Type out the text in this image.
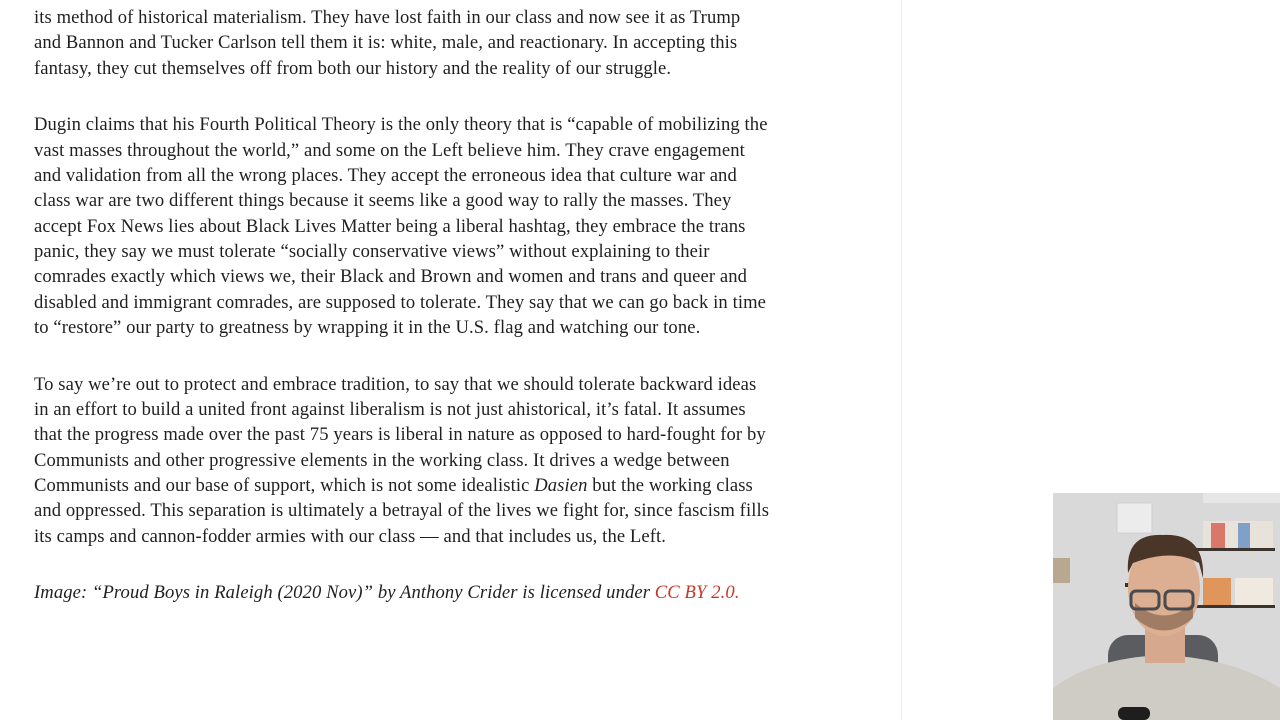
its method of historical materialism. They have lost faith in our class and now see it as Trump
and Bannon and Tucker Carlson tell them it is: white, male, and reactionary. In accepting this
fantasy, they cut themselves off from both our history and the reality of our struggle.

Dugin claims that his Fourth Political Theory is the only theory that is “capable of mobilizing the
vast masses throughout the world,” and some on the Left believe him. They crave engagement
and validation from all the wrong places. They accept the erroneous idea that culture war and
class war are two different things because it seems like a good way to rally the masses. They
accept Fox News lies about Black Lives Matter being a liberal hashtag, they embrace the trans
panic, they say we must tolerate “socially conservative views” without explaining to their
comrades exactly which views we, their Black and Brown and women and trans and queer and
disabled and immigrant comrades, are supposed to tolerate. They say that we can go back in time
to “restore” our party to greatness by wrapping it in the U.S. flag and watching our tone.

To say we’re out to protect and embrace tradition, to say that we should tolerate backward ideas
in an effort to build a united front against liberalism is not just ahistorical, it’s fatal. It assumes
that the progress made over the past 75 years is liberal in nature as opposed to hard-fought for by
Communists and other progressive elements in the working class. It drives a wedge between
Communists and our base of support, which is not some idealistic Dasien but the working class
and oppressed. This separation is ultimately a betrayal of the lives we fight for, since fascism fills
its camps and cannon-fodder armies with our class — and that includes us, the Left.

Image: “Proud Boys in Raleigh (2020 Nov)” by Anthony Crider is licensed under CC BY 2.0.
